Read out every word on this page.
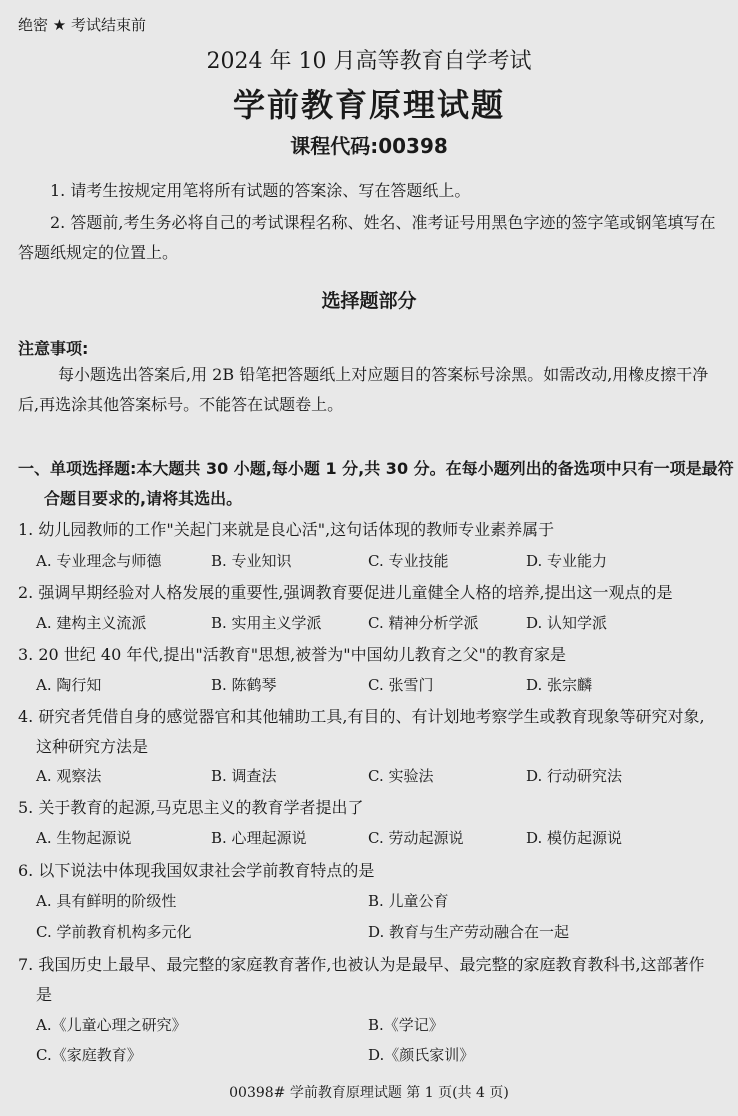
绝密 ★ 考试结束前
2024 年 10 月高等教育自学考试
学前教育原理试题
课程代码:00398
1. 请考生按规定用笔将所有试题的答案涂、写在答题纸上。
2. 答题前,考生务必将自己的考试课程名称、姓名、准考证号用黑色字迹的签字笔或钢笔填写在答题纸规定的位置上。
选择题部分
注意事项:
每小题选出答案后,用 2B 铅笔把答题纸上对应题目的答案标号涂黑。如需改动,用橡皮擦干净后,再选涂其他答案标号。不能答在试题卷上。
一、单项选择题:本大题共 30 小题,每小题 1 分,共 30 分。在每小题列出的备选项中只有一项是最符合题目要求的,请将其选出。
1. 幼儿园教师的工作"关起门来就是良心活",这句话体现的教师专业素养属于
A. 专业理念与师德	B. 专业知识	C. 专业技能	D. 专业能力
2. 强调早期经验对人格发展的重要性,强调教育要促进儿童健全人格的培养,提出这一观点的是
A. 建构主义流派	B. 实用主义学派	C. 精神分析学派	D. 认知学派
3. 20 世纪 40 年代,提出"活教育"思想,被誉为"中国幼儿教育之父"的教育家是
A. 陶行知	B. 陈鹤琴	C. 张雪门	D. 张宗麟
4. 研究者凭借自身的感觉器官和其他辅助工具,有目的、有计划地考察学生或教育现象等研究对象,这种研究方法是
A. 观察法	B. 调查法	C. 实验法	D. 行动研究法
5. 关于教育的起源,马克思主义的教育学者提出了
A. 生物起源说	B. 心理起源说	C. 劳动起源说	D. 模仿起源说
6. 以下说法中体现我国奴隶社会学前教育特点的是
A. 具有鲜明的阶级性	B. 儿童公育
C. 学前教育机构多元化	D. 教育与生产劳动融合在一起
7. 我国历史上最早、最完整的家庭教育著作,也被认为是最早、最完整的家庭教育教科书,这部著作是
A.《儿童心理之研究》	B.《学记》
C.《家庭教育》	D.《颜氏家训》
00398# 学前教育原理试题 第 1 页(共 4 页)
